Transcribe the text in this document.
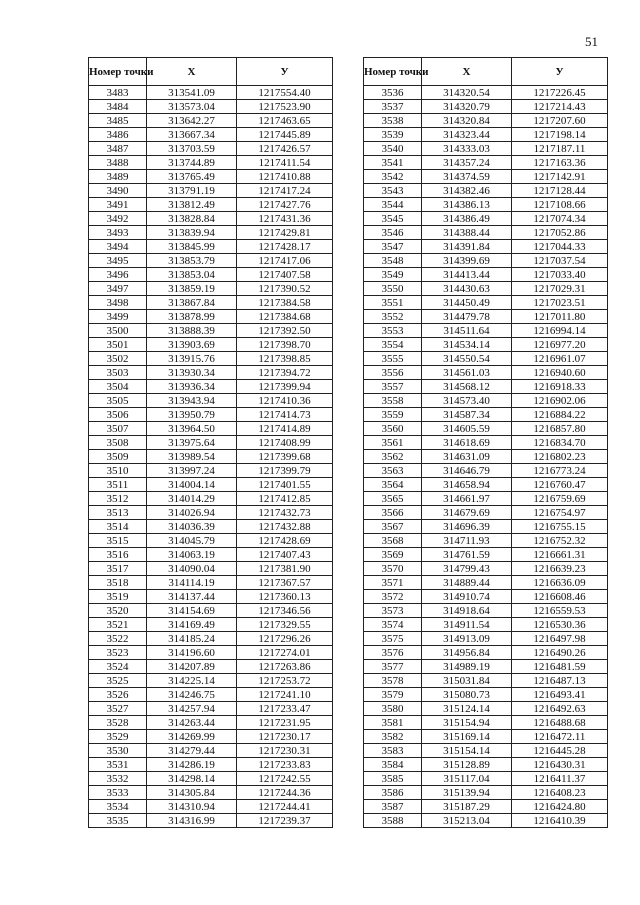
51
Номер точки	X	У
3483	313541.09	1217554.40
3484	313573.04	1217523.90
3485	313642.27	1217463.65
3486	313667.34	1217445.89
3487	313703.59	1217426.57
3488	313744.89	1217411.54
3489	313765.49	1217410.88
3490	313791.19	1217417.24
3491	313812.49	1217427.76
3492	313828.84	1217431.36
3493	313839.94	1217429.81
3494	313845.99	1217428.17
3495	313853.79	1217417.06
3496	313853.04	1217407.58
3497	313859.19	1217390.52
3498	313867.84	1217384.58
3499	313878.99	1217384.68
3500	313888.39	1217392.50
3501	313903.69	1217398.70
3502	313915.76	1217398.85
3503	313930.34	1217394.72
3504	313936.34	1217399.94
3505	313943.94	1217410.36
3506	313950.79	1217414.73
3507	313964.50	1217414.89
3508	313975.64	1217408.99
3509	313989.54	1217399.68
3510	313997.24	1217399.79
3511	314004.14	1217401.55
3512	314014.29	1217412.85
3513	314026.94	1217432.73
3514	314036.39	1217432.88
3515	314045.79	1217428.69
3516	314063.19	1217407.43
3517	314090.04	1217381.90
3518	314114.19	1217367.57
3519	314137.44	1217360.13
3520	314154.69	1217346.56
3521	314169.49	1217329.55
3522	314185.24	1217296.26
3523	314196.60	1217274.01
3524	314207.89	1217263.86
3525	314225.14	1217253.72
3526	314246.75	1217241.10
3527	314257.94	1217233.47
3528	314263.44	1217231.95
3529	314269.99	1217230.17
3530	314279.44	1217230.31
3531	314286.19	1217233.83
3532	314298.14	1217242.55
3533	314305.84	1217244.36
3534	314310.94	1217244.41
3535	314316.99	1217239.37
Номер точки	X	У
3536	314320.54	1217226.45
3537	314320.79	1217214.43
3538	314320.84	1217207.60
3539	314323.44	1217198.14
3540	314333.03	1217187.11
3541	314357.24	1217163.36
3542	314374.59	1217142.91
3543	314382.46	1217128.44
3544	314386.13	1217108.66
3545	314386.49	1217074.34
3546	314388.44	1217052.86
3547	314391.84	1217044.33
3548	314399.69	1217037.54
3549	314413.44	1217033.40
3550	314430.63	1217029.31
3551	314450.49	1217023.51
3552	314479.78	1217011.80
3553	314511.64	1216994.14
3554	314534.14	1216977.20
3555	314550.54	1216961.07
3556	314561.03	1216940.60
3557	314568.12	1216918.33
3558	314573.40	1216902.06
3559	314587.34	1216884.22
3560	314605.59	1216857.80
3561	314618.69	1216834.70
3562	314631.09	1216802.23
3563	314646.79	1216773.24
3564	314658.94	1216760.47
3565	314661.97	1216759.69
3566	314679.69	1216754.97
3567	314696.39	1216755.15
3568	314711.93	1216752.32
3569	314761.59	1216661.31
3570	314799.43	1216639.23
3571	314889.44	1216636.09
3572	314910.74	1216608.46
3573	314918.64	1216559.53
3574	314911.54	1216530.36
3575	314913.09	1216497.98
3576	314956.84	1216490.26
3577	314989.19	1216481.59
3578	315031.84	1216487.13
3579	315080.73	1216493.41
3580	315124.14	1216492.63
3581	315154.94	1216488.68
3582	315169.14	1216472.11
3583	315154.14	1216445.28
3584	315128.89	1216430.31
3585	315117.04	1216411.37
3586	315139.94	1216408.23
3587	315187.29	1216424.80
3588	315213.04	1216410.39
